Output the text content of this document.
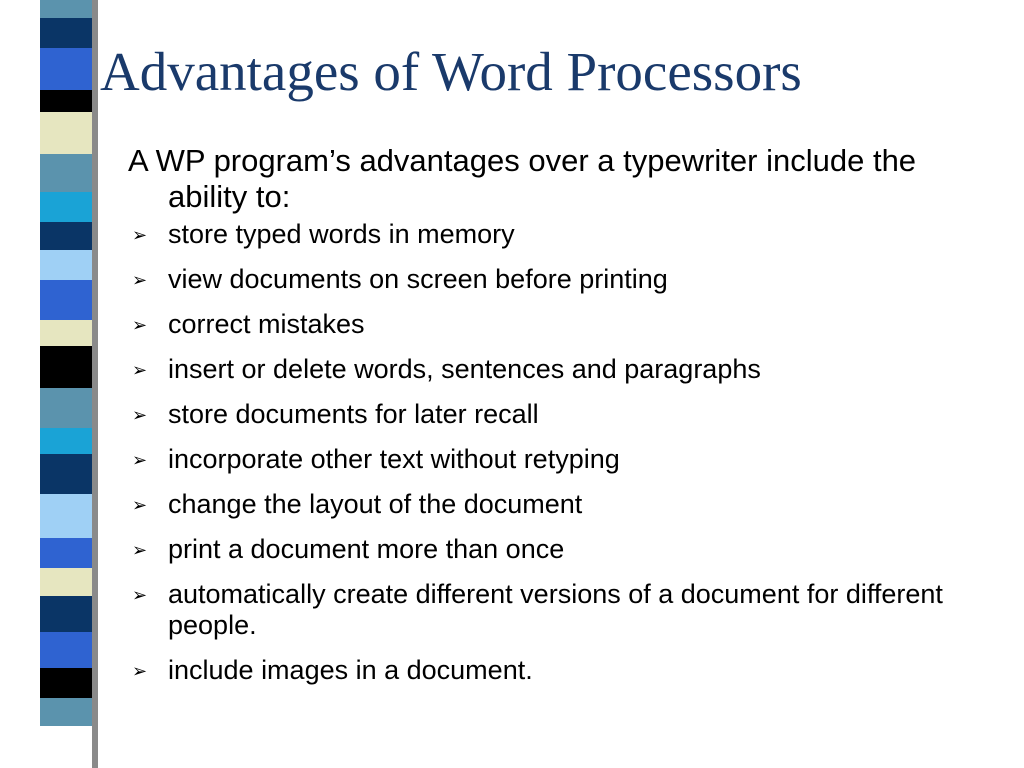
Advantages of Word Processors

A WP program’s advantages over a typewriter include the ability to:

➢ store typed words in memory
➢ view documents on screen before printing
➢ correct mistakes
➢ insert or delete words, sentences and paragraphs
➢ store documents for later recall
➢ incorporate other text without retyping
➢ change the layout of the document
➢ print a document more than once
➢ automatically create different versions of a document for different people.
➢ include images in a document.
